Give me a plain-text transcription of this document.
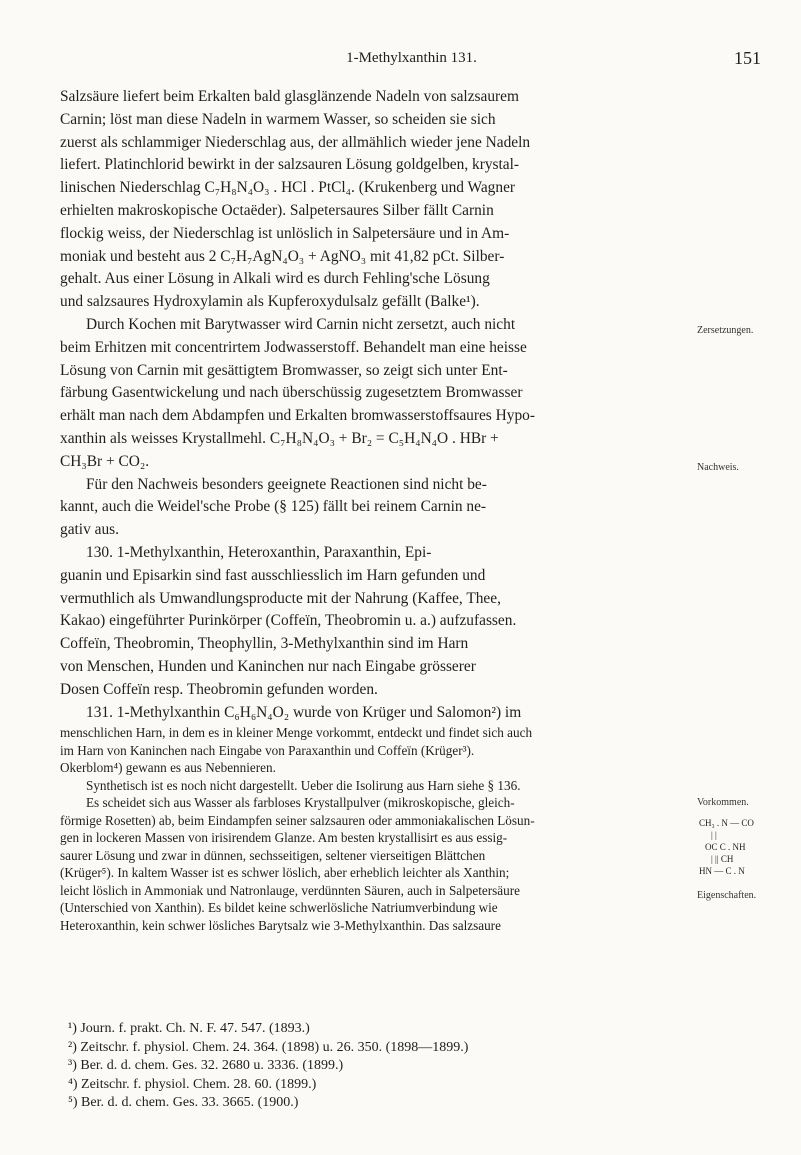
1-Methylxanthin 131.	151

Salzsäure liefert beim Erkalten bald glasglänzende Nadeln von salzsaurem

Carnin; löst man diese Nadeln in warmem Wasser, so scheiden sie sich

zuerst als schlammiger Niederschlag aus, der allmählich wieder jene Nadeln

liefert. Platinchlorid bewirkt in der salzsauren Lösung goldgelben, krystal-

linischen Niederschlag C₇H₈N₄O₃ . HCl . PtCl₄. (Krukenberg und Wagner

erhielten makroskopische Octaëder). Salpetersaures Silber fällt Carnin

flockig weiss, der Niederschlag ist unlöslich in Salpetersäure und in Am-

moniak und besteht aus 2 C₇H₇AgN₄O₃ + AgNO₃ mit 41,82 pCt. Silber-

gehalt. Aus einer Lösung in Alkali wird es durch Fehling'sche Lösung

und salzsaures Hydroxylamin als Kupferoxydulsalz gefällt (Balke¹).

Durch Kochen mit Barytwasser wird Carnin nicht zersetzt, auch nicht

beim Erhitzen mit concentrirtem Jodwasserstoff. Behandelt man eine heisse

Lösung von Carnin mit gesättigtem Bromwasser, so zeigt sich unter Ent-

färbung Gasentwickelung und nach überschüssig zugesetztem Bromwasser

erhält man nach dem Abdampfen und Erkalten bromwasserstoffsaures Hypo-

xanthin als weisses Krystallmehl. C₇H₈N₄O₃ + Br₂ = C₅H₄N₄O . HBr +

CH₃Br + CO₂.

Für den Nachweis besonders geeignete Reactionen sind nicht be-

kannt, auch die Weidel'sche Probe (§ 125) fällt bei reinem Carnin ne-

gativ aus.

130. 1-Methylxanthin, Heteroxanthin, Paraxanthin, Epi-

guanin und Episarkin sind fast ausschliesslich im Harn gefunden und

vermuthlich als Umwandlungsproducte mit der Nahrung (Kaffee, Thee,

Kakao) eingeführter Purinkörper (Coffeïn, Theobromin u. a.) aufzufassen.

Coffeïn, Theobromin, Theophyllin, 3-Methylxanthin sind im Harn

von Menschen, Hunden und Kaninchen nur nach Eingabe grösserer

Dosen Coffeïn resp. Theobromin gefunden worden.

131. 1-Methylxanthin C₆H₆N₄O₂ wurde von Krüger und Salomon²) im

menschlichen Harn, in dem es in kleiner Menge vorkommt, entdeckt und findet sich auch

im Harn von Kaninchen nach Eingabe von Paraxanthin und Coffeïn (Krüger³).

Okerblom⁴) gewann es aus Nebennieren.

Synthetisch ist es noch nicht dargestellt. Ueber die Isolirung aus Harn siehe § 136.

Es scheidet sich aus Wasser als farbloses Krystallpulver (mikroskopische, gleich-

förmige Rosetten) ab, beim Eindampfen seiner salzsauren oder ammoniakalischen Lösun-

gen in lockeren Massen von irisirendem Glanze. Am besten krystallisirt es aus essig-

saurer Lösung und zwar in dünnen, sechsseitigen, seltener vierseitigen Blättchen

(Krüger⁵). In kaltem Wasser ist es schwer löslich, aber erheblich leichter als Xanthin;

leicht löslich in Ammoniak und Natronlauge, verdünnten Säuren, auch in Salpetersäure

(Unterschied von Xanthin). Es bildet keine schwerlösliche Natriumverbindung wie

Heteroxanthin, kein schwer lösliches Barytsalz wie 3-Methylxanthin. Das salzsaure

Zersetzungen.
Nachweis.
Vorkommen.
Eigenschaften.
CH₃ . N — CO
| |
OC C . NH
| || CH
HN — C . N

¹) Journ. f. prakt. Ch. N. F. 47. 547. (1893.)

²) Zeitschr. f. physiol. Chem. 24. 364. (1898) u. 26. 350. (1898—1899.)

³) Ber. d. d. chem. Ges. 32. 2680 u. 3336. (1899.)

⁴) Zeitschr. f. physiol. Chem. 28. 60. (1899.)

⁵) Ber. d. d. chem. Ges. 33. 3665. (1900.)
